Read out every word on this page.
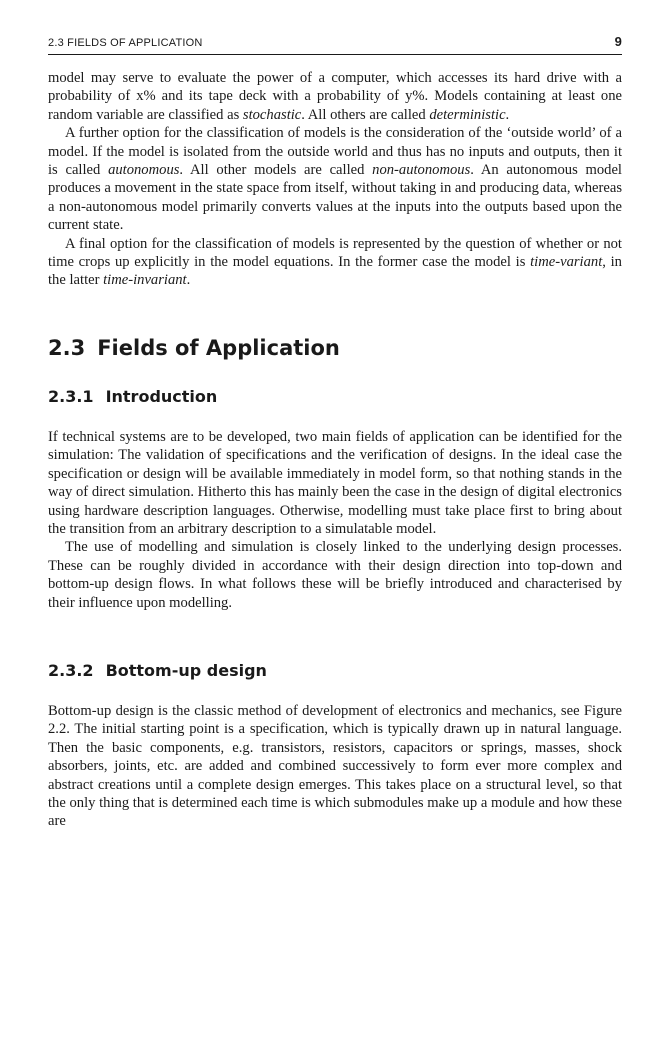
2.3 FIELDS OF APPLICATION	9

model may serve to evaluate the power of a computer, which accesses its hard drive with a probability of x% and its tape deck with a probability of y%. Models containing at least one random variable are classified as stochastic. All others are called deterministic.

A further option for the classification of models is the consideration of the ‘outside world’ of a model. If the model is isolated from the outside world and thus has no inputs and outputs, then it is called autonomous. All other models are called non-autonomous. An autonomous model produces a movement in the state space from itself, without taking in and producing data, whereas a non-autonomous model primarily converts values at the inputs into the outputs based upon the current state.

A final option for the classification of models is represented by the question of whether or not time crops up explicitly in the model equations. In the former case the model is time-variant, in the latter time-invariant.

2.3 Fields of Application
2.3.1 Introduction

If technical systems are to be developed, two main fields of application can be identified for the simulation: The validation of specifications and the verification of designs. In the ideal case the specification or design will be available immediately in model form, so that nothing stands in the way of direct simulation. Hitherto this has mainly been the case in the design of digital electronics using hardware description languages. Otherwise, modelling must take place first to bring about the transition from an arbitrary description to a simulatable model.

The use of modelling and simulation is closely linked to the underlying design processes. These can be roughly divided in accordance with their design direction into top-down and bottom-up design flows. In what follows these will be briefly introduced and characterised by their influence upon modelling.

2.3.2 Bottom-up design

Bottom-up design is the classic method of development of electronics and mechanics, see Figure 2.2. The initial starting point is a specification, which is typically drawn up in natural language. Then the basic components, e.g. transistors, resistors, capacitors or springs, masses, shock absorbers, joints, etc. are added and combined successively to form ever more complex and abstract creations until a complete design emerges. This takes place on a structural level, so that the only thing that is determined each time is which submodules make up a module and how these are
